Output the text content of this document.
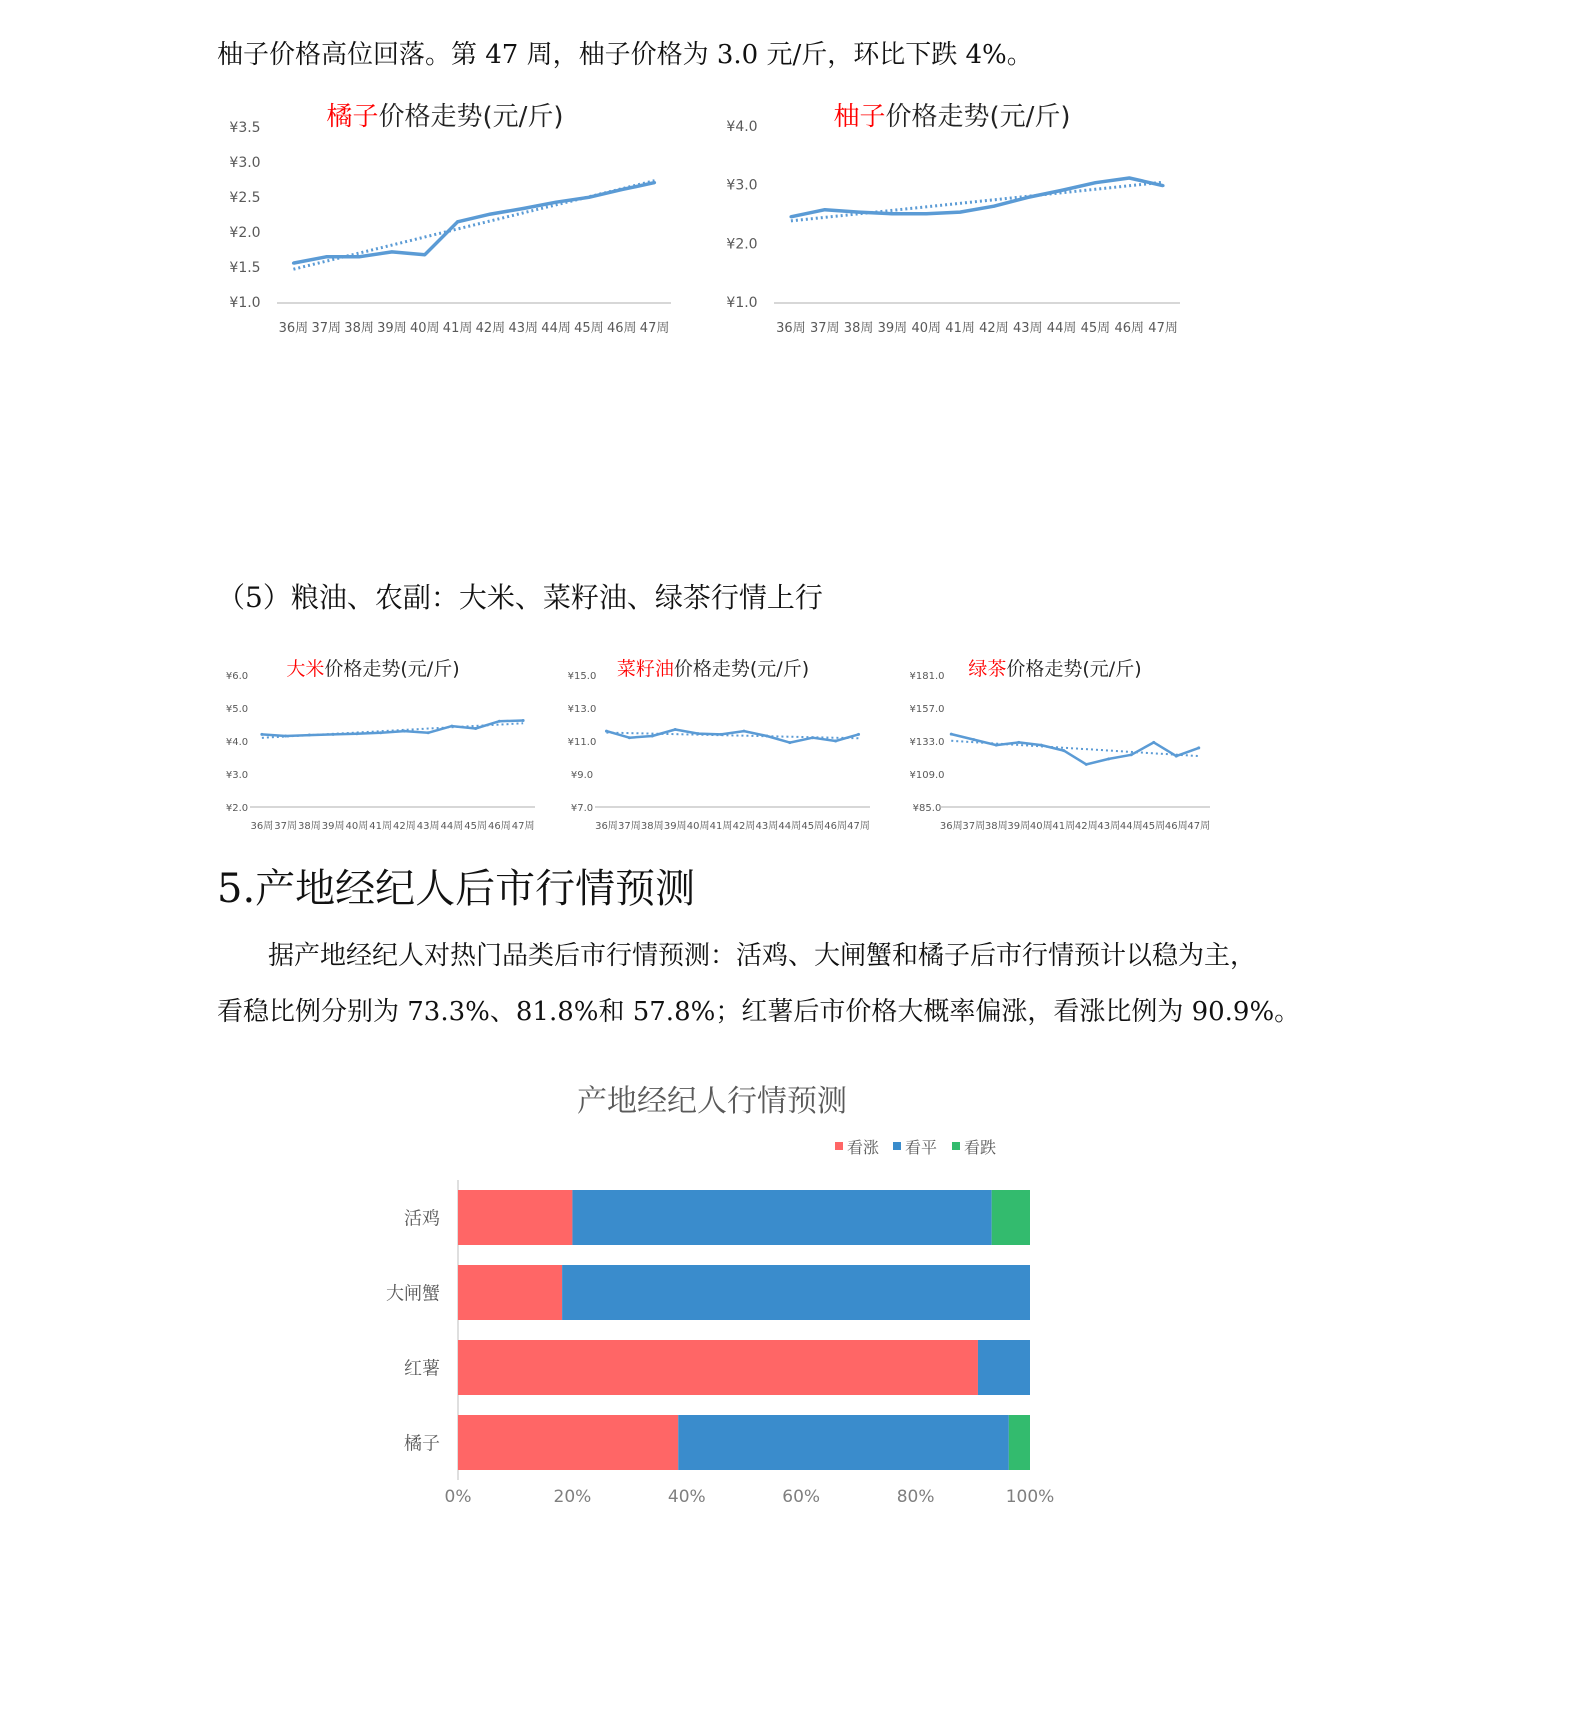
柚子价格高位回落。第 47 周，柚子价格为 3.0 元/斤，环比下跌 4%。
橘子价格走势(元/斤)
¥3.5
¥3.0
¥2.5
¥2.0
¥1.5
¥1.0
36周 37周 38周 39周 40周 41周 42周 43周 44周 45周 46周 47周
柚子价格走势(元/斤)
¥4.0
¥3.0
¥2.0
¥1.0
36周 37周 38周 39周 40周 41周 42周 43周 44周 45周 46周 47周
（5）粮油、农副：大米、菜籽油、绿茶行情上行
大米价格走势(元/斤)
¥6.0
¥5.0
¥4.0
¥3.0
¥2.0
36周 37周 38周 39周 40周 41周 42周 43周 44周 45周 46周 47周
菜籽油价格走势(元/斤)
¥15.0
¥13.0
¥11.0
¥9.0
¥7.0
36周 37周 38周 39周 40周 41周 42周 43周 44周 45周 46周 47周
绿茶价格走势(元/斤)
¥181.0
¥157.0
¥133.0
¥109.0
¥85.0
36周 37周 38周 39周 40周 41周 42周 43周 44周 45周 46周 47周
5.产地经纪人后市行情预测
据产地经纪人对热门品类后市行情预测：活鸡、大闸蟹和橘子后市行情预计以稳为主，
看稳比例分别为 73.3%、81.8%和 57.8%；红薯后市价格大概率偏涨，看涨比例为 90.9%。
产地经纪人行情预测
看涨 看平 看跌
活鸡
大闸蟹
红薯
橘子
0%	20%	40%	60%	80%	100%
